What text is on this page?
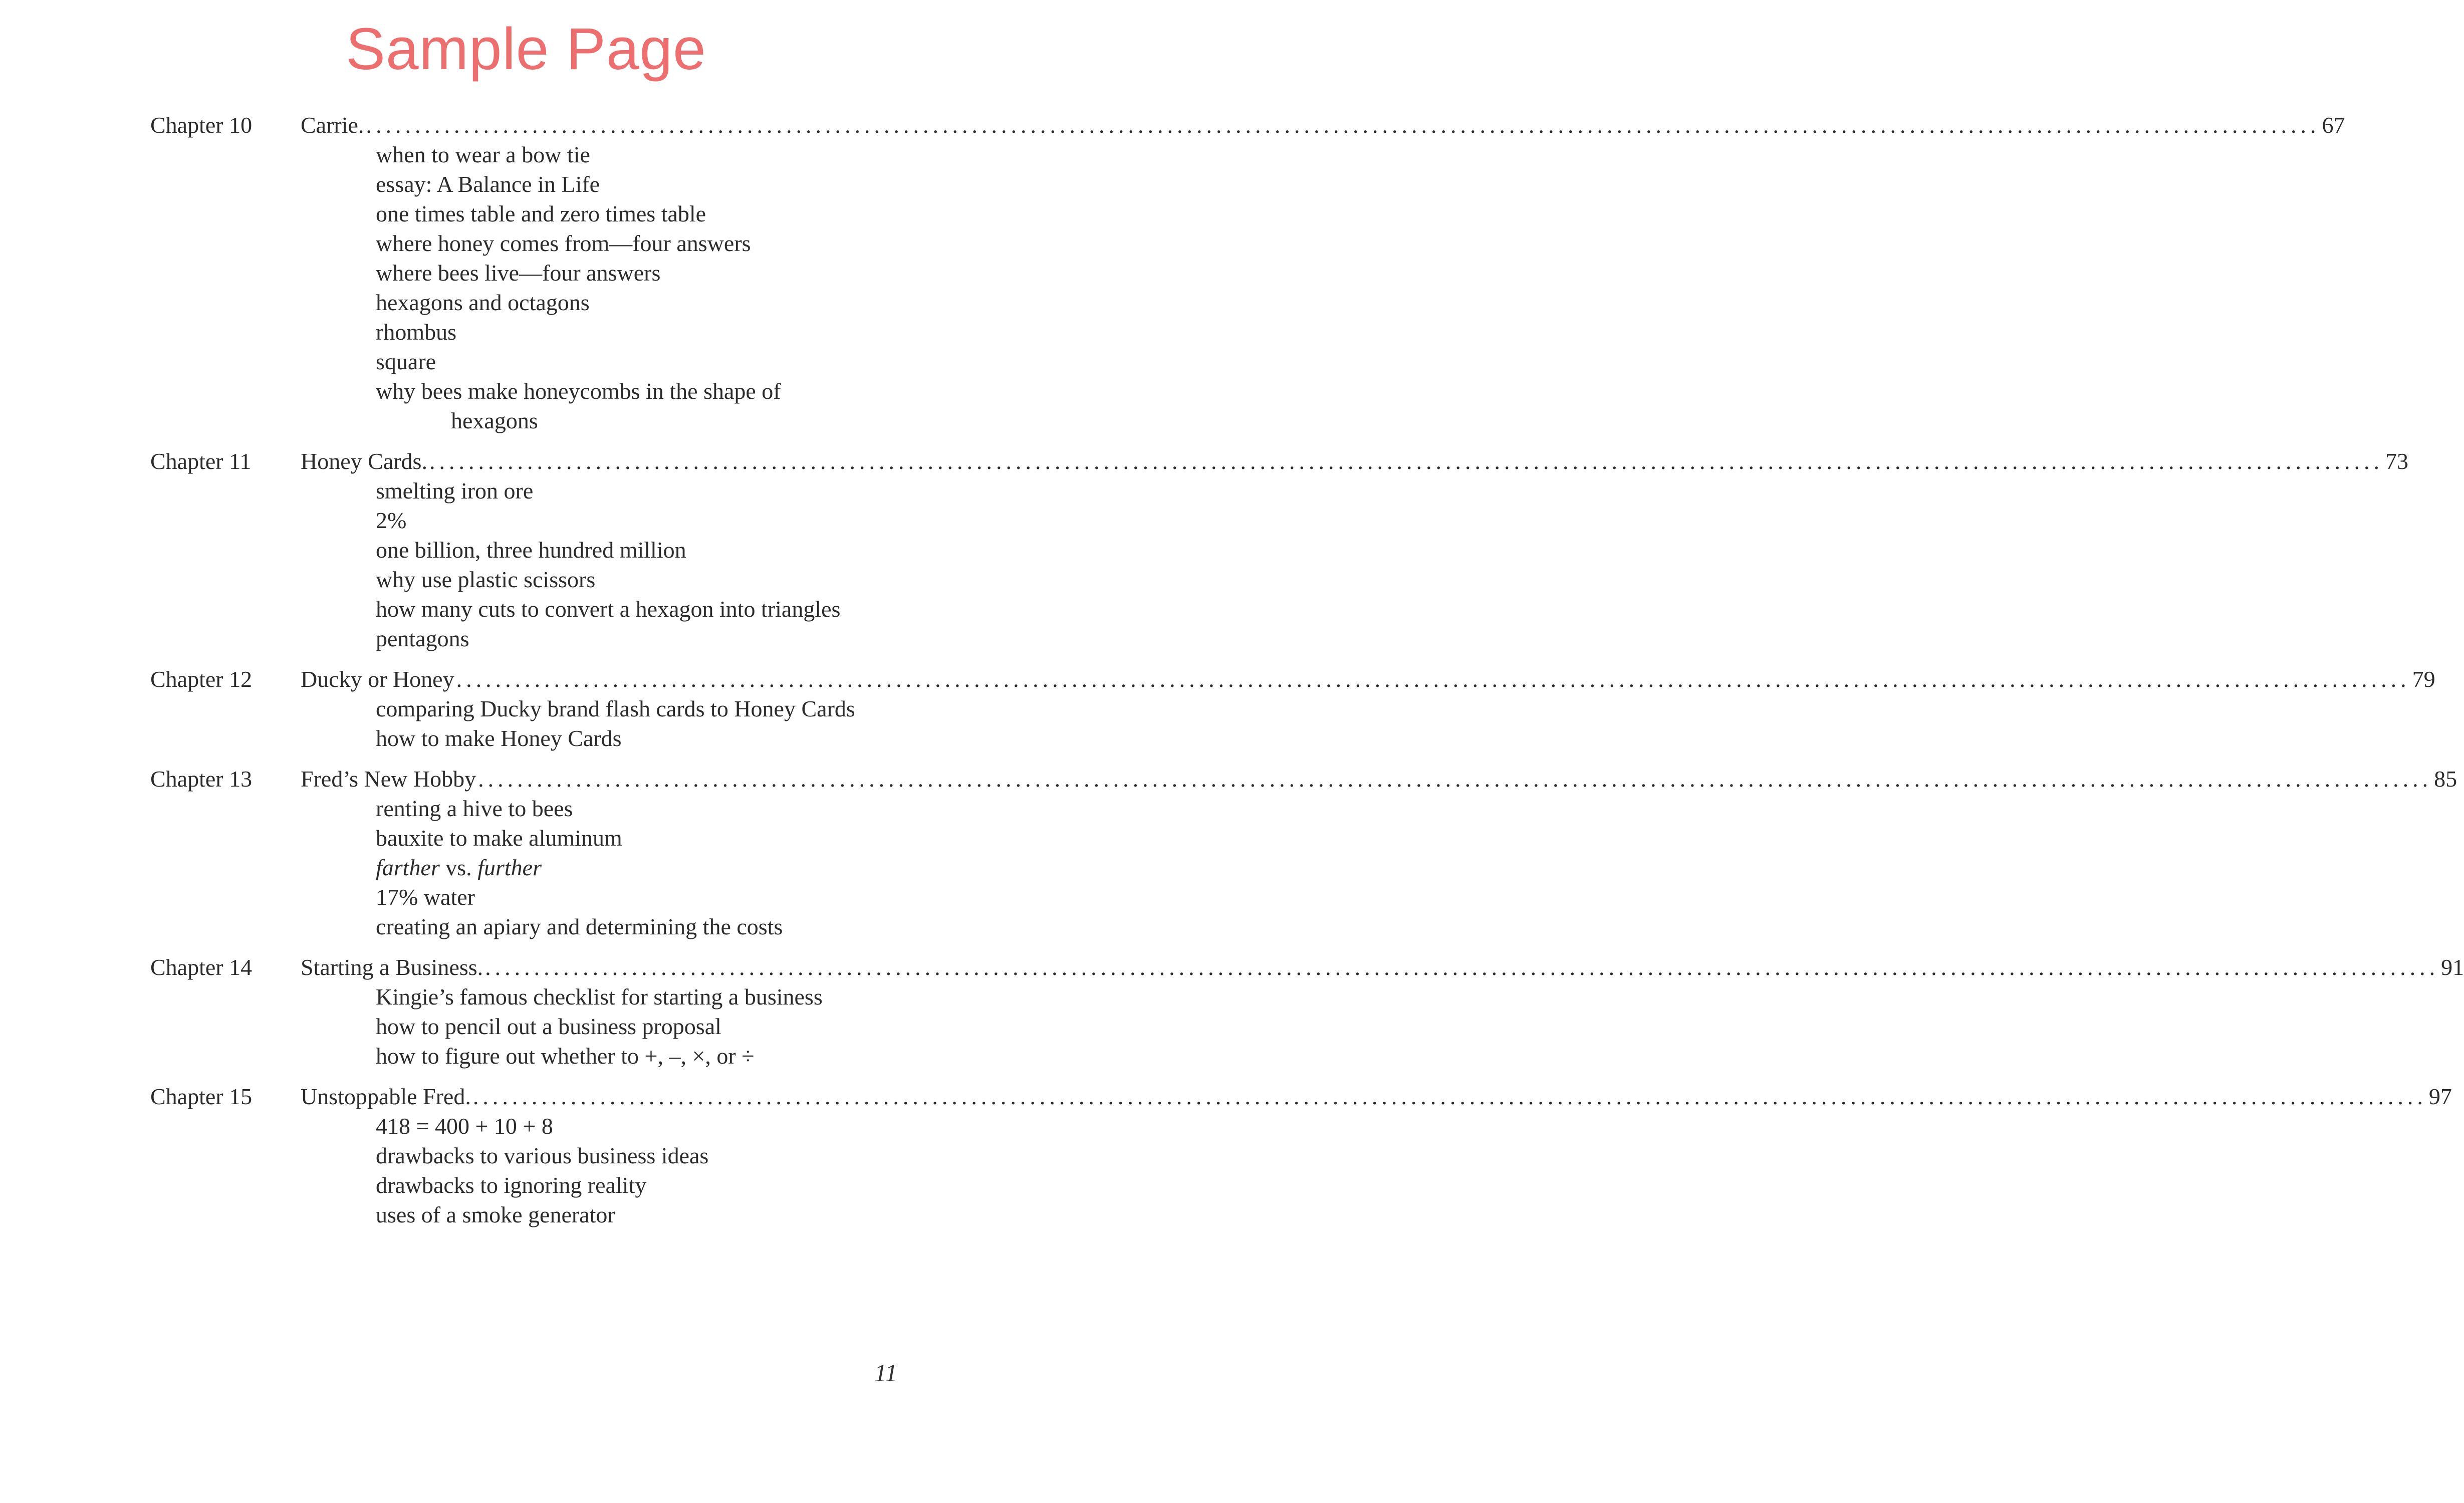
Sample Page
Chapter 10	Carrie. ........................................................................................................................................................................................................ 67
when to wear a bow tie
essay: A Balance in Life
one times table and zero times table
where honey comes from—four answers
where bees live—four answers
hexagons and octagons
rhombus
square
why bees make honeycombs in the shape of
hexagons
Chapter 11	Honey Cards. ........................................................................................................................................................................................................ 73
smelting iron ore
2%
one billion, three hundred million
why use plastic scissors
how many cuts to convert a hexagon into triangles
pentagons
Chapter 12	Ducky or Honey ........................................................................................................................................................................................................ 79
comparing Ducky brand flash cards to Honey Cards
how to make Honey Cards
Chapter 13	Fred’s New Hobby ........................................................................................................................................................................................................ 85
renting a hive to bees
bauxite to make aluminum
farther vs. further
17% water
creating an apiary and determining the costs
Chapter 14	Starting a Business. ........................................................................................................................................................................................................ 91
Kingie’s famous checklist for starting a business
how to pencil out a business proposal
how to figure out whether to +, –, ×, or ÷
Chapter 15	Unstoppable Fred. ........................................................................................................................................................................................................ 97
418 = 400 + 10 + 8
drawbacks to various business ideas
drawbacks to ignoring reality
uses of a smoke generator
11
